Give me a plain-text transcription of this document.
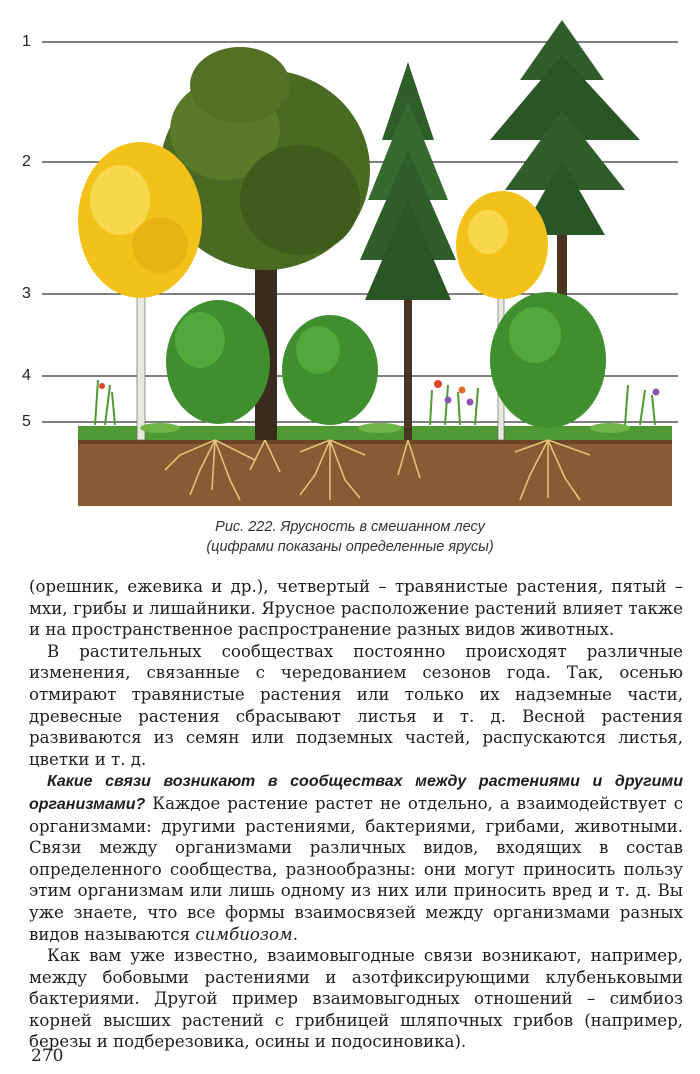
1
2
3
4
5
Рис. 222. Ярусность в смешанном лесу
(цифрами показаны определенные ярусы)

(орешник, ежевика и др.), четвертый – травянистые растения, пятый – мхи, грибы и лишайники. Ярусное расположение растений влияет также и на пространственное распространение разных видов животных.

В растительных сообществах постоянно происходят различные изменения, связанные с чередованием сезонов года. Так, осенью отмирают травянистые растения или только их надземные части, древесные растения сбрасывают листья и т. д. Весной растения развиваются из семян или подземных частей, распускаются листья, цветки и т. д.

Какие связи возникают в сообществах между растениями и другими организмами? Каждое растение растет не отдельно, а взаимодействует с организмами: другими растениями, бактериями, грибами, животными. Связи между организмами различных видов, входящих в состав определенного сообщества, разнообразны: они могут приносить пользу этим организмам или лишь одному из них или приносить вред и т. д. Вы уже знаете, что все формы взаимосвязей между организмами разных видов называются симбиозом.

Как вам уже известно, взаимовыгодные связи возникают, например, между бобовыми растениями и азотфиксирующими клубеньковыми бактериями. Другой пример взаимовыгодных отношений – симбиоз корней высших растений с грибницей шляпочных грибов (например, березы и подберезовика, осины и подосиновика).

270
